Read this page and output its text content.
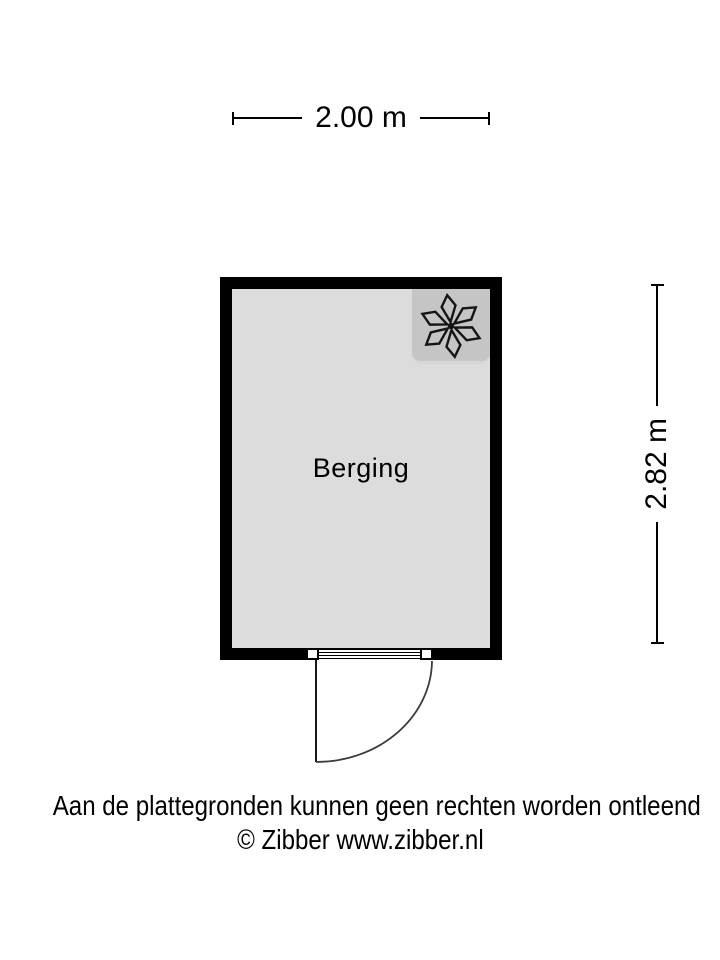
2.00 m
2.82 m
Berging
Aan de plattegronden kunnen geen rechten worden ontleend
© Zibber www.zibber.nl
